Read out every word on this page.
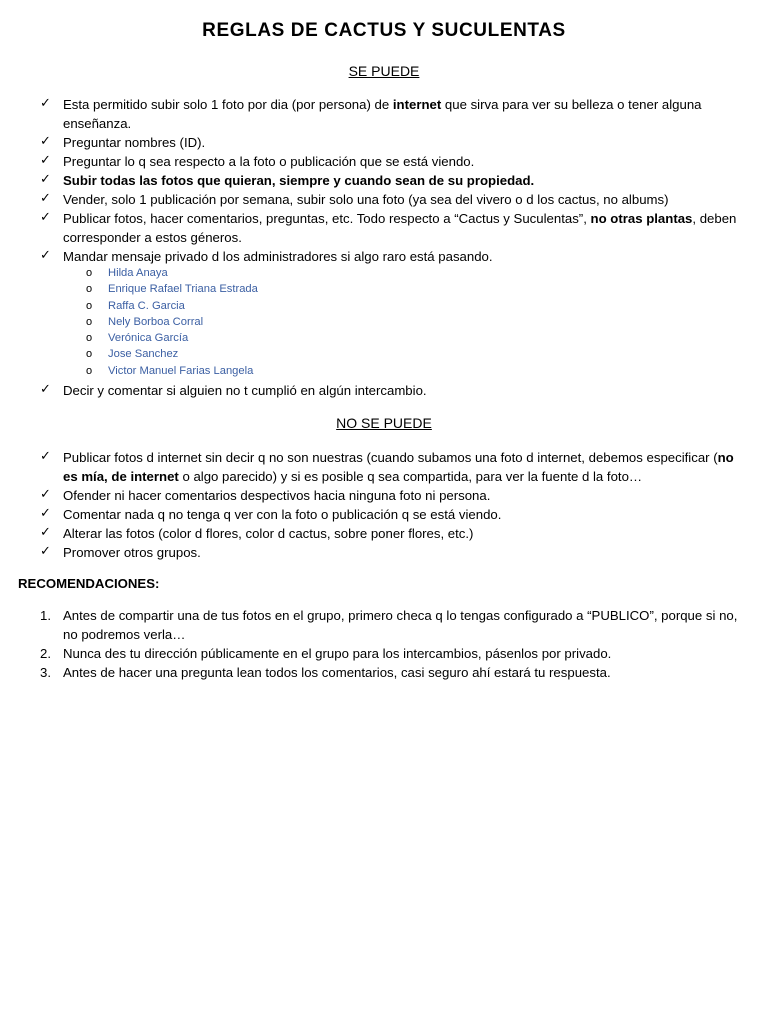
REGLAS DE CACTUS Y SUCULENTAS
SE PUEDE
✓ Esta permitido subir solo 1 foto por dia (por persona) de internet que sirva para ver su belleza o tener alguna enseñanza.
✓ Preguntar nombres (ID).
✓ Preguntar lo q sea respecto a la foto o publicación que se está viendo.
✓ Subir todas las fotos que quieran, siempre y cuando sean de su propiedad.
✓ Vender, solo 1 publicación por semana, subir solo una foto (ya sea del vivero o d los cactus, no albums)
✓ Publicar fotos, hacer comentarios, preguntas, etc. Todo respecto a “Cactus y Suculentas”, no otras plantas, deben corresponder a estos géneros.
✓ Mandar mensaje privado d los administradores si algo raro está pasando.
o Hilda Anaya
o Enrique Rafael Triana Estrada
o Raffa C. Garcia
o Nely Borboa Corral
o Verónica García
o Jose Sanchez
o Victor Manuel Farias Langela
✓ Decir y comentar si alguien no t cumplió en algún intercambio.
NO SE PUEDE
✓ Publicar fotos d internet sin decir q no son nuestras (cuando subamos una foto d internet, debemos especificar (no es mía, de internet o algo parecido) y si es posible q sea compartida, para ver la fuente d la foto…
✓ Ofender ni hacer comentarios despectivos hacia ninguna foto ni persona.
✓ Comentar nada q no tenga q ver con la foto o publicación q se está viendo.
✓ Alterar las fotos (color d flores, color d cactus, sobre poner flores, etc.)
✓ Promover otros grupos.
RECOMENDACIONES:
1. Antes de compartir una de tus fotos en el grupo, primero checa q lo tengas configurado a “PUBLICO”, porque si no, no podremos verla…
2. Nunca des tu dirección públicamente en el grupo para los intercambios, pásenlos por privado.
3. Antes de hacer una pregunta lean todos los comentarios, casi seguro ahí estará tu respuesta.
